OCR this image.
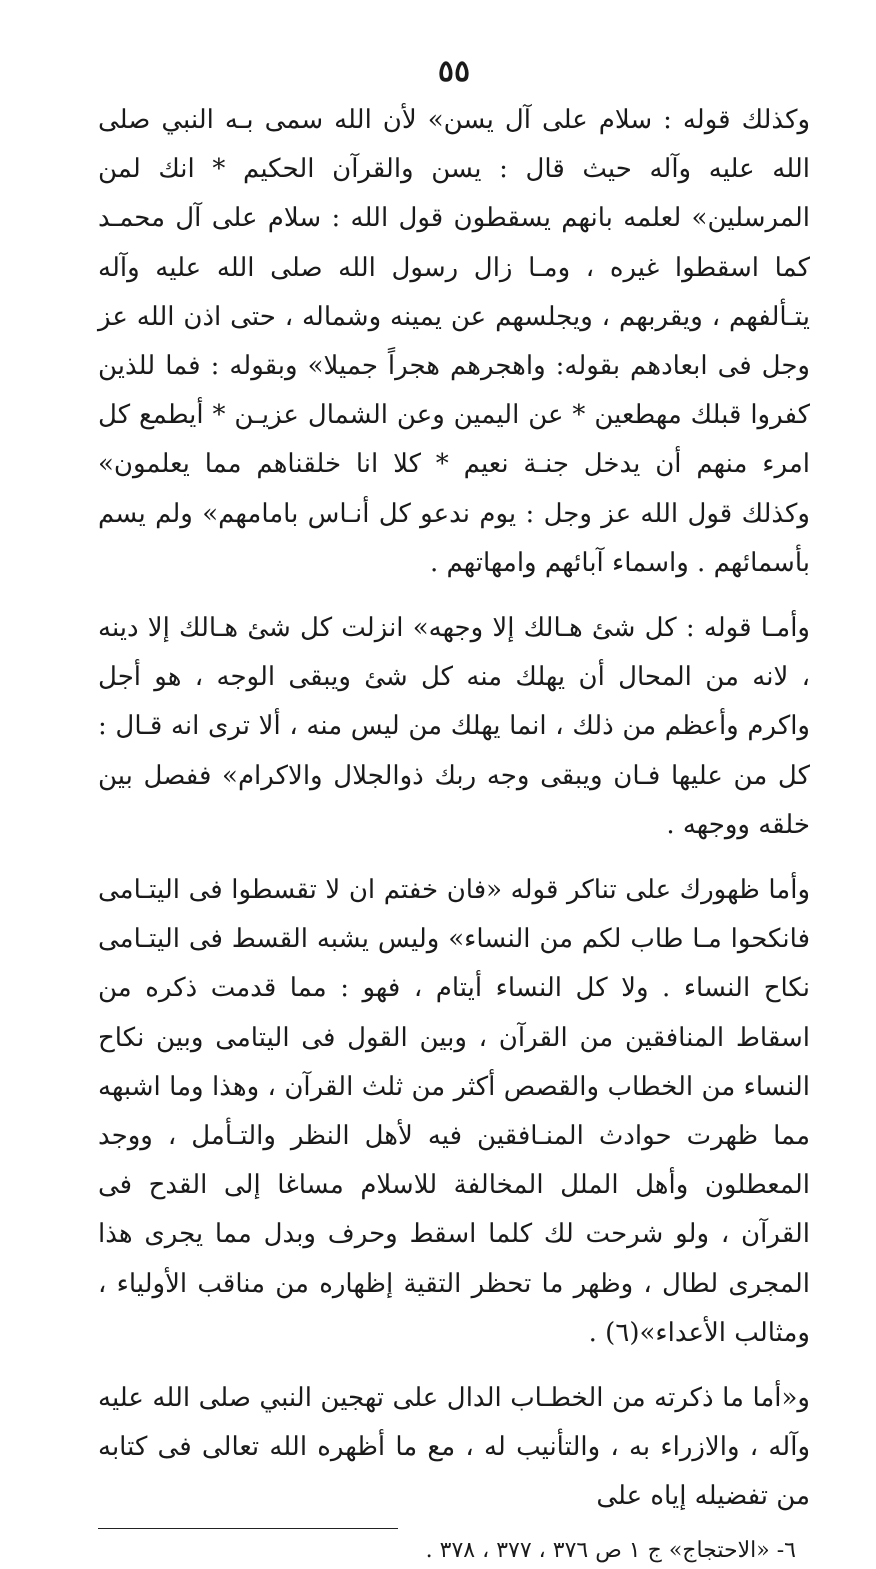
٥٥

وكذلك قوله : سلام على آل يسن» لأن الله سمى بـه النبي صلى الله عليه وآله حيث قال : يسن والقرآن الحكيم * انك لمن المرسلين» لعلمه بانهم يسقطون قول الله : سلام على آل محمـد كما اسقطوا غيره ، ومـا زال رسول الله صلى الله عليه وآله يتـألفهم ، ويقربهم ، ويجلسهم عن يمينه وشماله ، حتى اذن الله عز وجل فى ابعادهم بقوله: واهجرهم هجراً جميلا» وبقوله : فما للذين كفروا قبلك مهطعين * عن اليمين وعن الشمال عزيـن * أيطمع كل امرء منهم أن يدخل جنـة نعيم * كلا انا خلقناهم مما يعلمون» وكذلك قول الله عز وجل : يوم ندعو كل أنـاس بامامهم» ولم يسم بأسمائهم . واسماء آبائهم وامهاتهم .

وأمـا قوله : كل شئ هـالك إلا وجهه» انزلت كل شئ هـالك إلا دينه ، لانه من المحال أن يهلك منه كل شئ ويبقى الوجه ، هو أجل واكرم وأعظم من ذلك ، انما يهلك من ليس منه ، ألا ترى انه قـال : كل من عليها فـان ويبقى وجه ربك ذوالجلال والاكرام» ففصل بين خلقه ووجهه .

وأما ظهورك على تناكر قوله «فان خفتم ان لا تقسطوا فى اليتـامى فانكحوا مـا طاب لكم من النساء» وليس يشبه القسط فى اليتـامى نكاح النساء . ولا كل النساء أيتام ، فهو : مما قدمت ذكره من اسقاط المنافقين من القرآن ، وبين القول فى اليتامى وبين نكاح النساء من الخطاب والقصص أكثر من ثلث القرآن ، وهذا وما اشبهه مما ظهرت حوادث المنـافقين فيه لأهل النظر والتـأمل ، ووجد المعطلون وأهل الملل المخالفة للاسلام مساغا إلى القدح فى القرآن ، ولو شرحت لك كلما اسقط وحرف وبدل مما يجرى هذا المجرى لطال ، وظهر ما تحظر التقية إظهاره من مناقب الأولياء ، ومثالب الأعداء»(٦) .

و«أما ما ذكرته من الخطـاب الدال على تهجين النبي صلى الله عليه وآله ، والازراء به ، والتأنيب له ، مع ما أظهره الله تعالى فى كتابه من تفضيله إياه على

٦- «الاحتجاج» ج ١ ص ٣٧٦ ، ٣٧٧ ، ٣٧٨ .
